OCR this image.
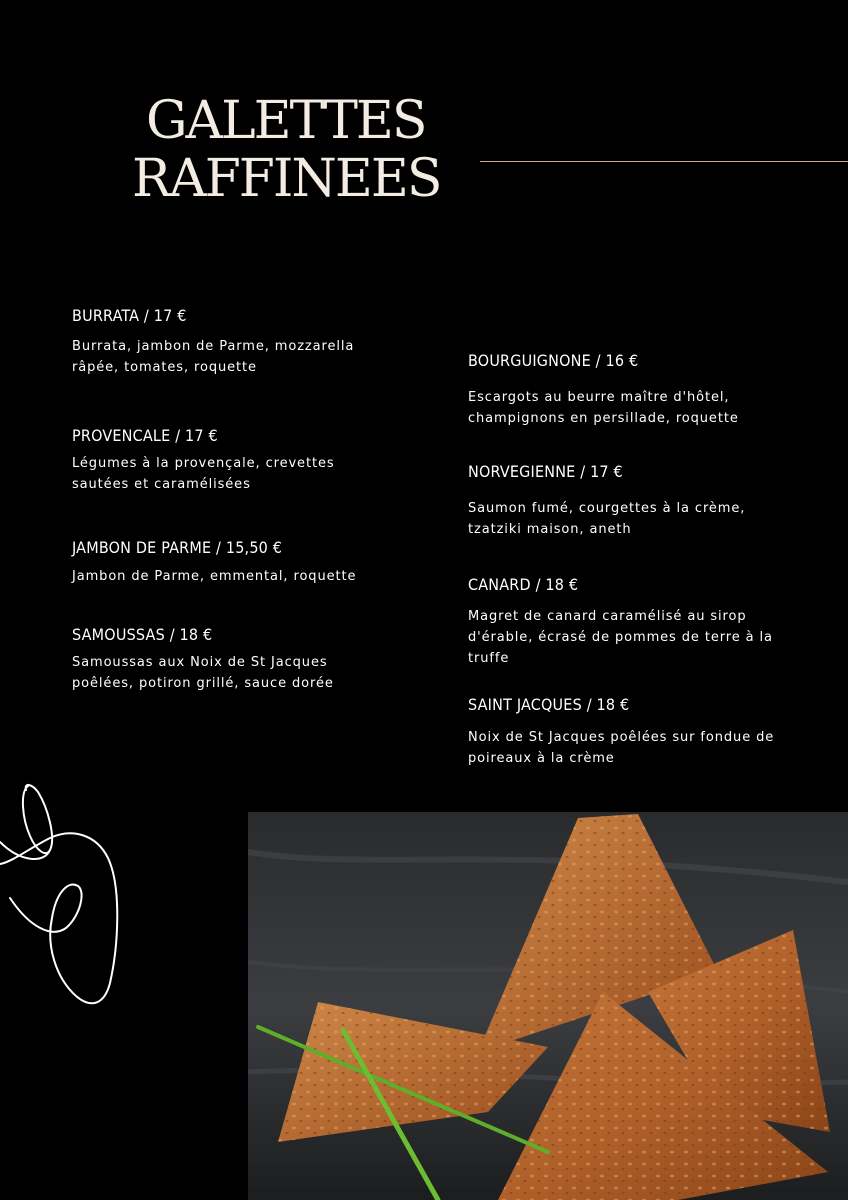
GALETTES
RAFFINEES
BURRATA / 17 €
Burrata, jambon de Parme, mozzarella râpée, tomates, roquette
PROVENCALE / 17 €
Légumes à la provençale, crevettes sautées et caramélisées
JAMBON DE PARME / 15,50 €
Jambon de Parme, emmental, roquette
SAMOUSSAS / 18 €
Samoussas aux Noix de St Jacques poêlées, potiron grillé, sauce dorée
BOURGUIGNONE / 16 €
Escargots au beurre maître d'hôtel, champignons en persillade, roquette
NORVEGIENNE / 17 €
Saumon fumé, courgettes à la crème, tzatziki maison, aneth
CANARD / 18 €
Magret de canard caramélisé au sirop d'érable, écrasé de pommes de terre à la truffe
SAINT JACQUES / 18 €
Noix de St Jacques poêlées sur fondue de poireaux à la crème
